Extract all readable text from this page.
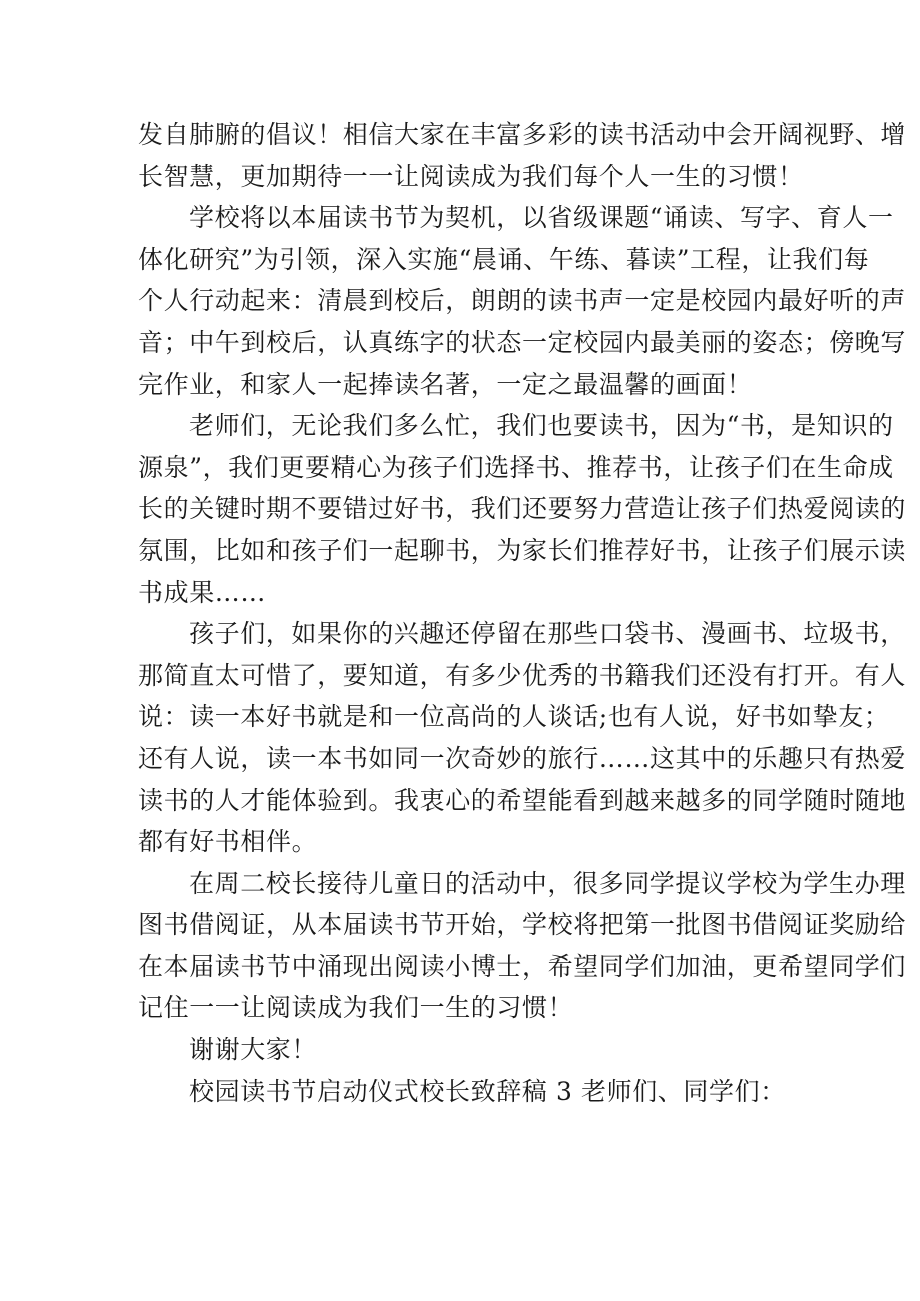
发自肺腑的倡议！相信大家在丰富多彩的读书活动中会开阔视野、增
长智慧，更加期待一一让阅读成为我们每个人一生的习惯！
学校将以本届读书节为契机，以省级课题“诵读、写字、育人一
体化研究”为引领，深入实施“晨诵、午练、暮读”工程，让我们每
个人行动起来：清晨到校后，朗朗的读书声一定是校园内最好听的声
音；中午到校后，认真练字的状态一定校园内最美丽的姿态；傍晚写
完作业，和家人一起捧读名著，一定之最温馨的画面！
老师们，无论我们多么忙，我们也要读书，因为“书，是知识的
源泉”，我们更要精心为孩子们选择书、推荐书，让孩子们在生命成
长的关键时期不要错过好书，我们还要努力营造让孩子们热爱阅读的
氛围，比如和孩子们一起聊书，为家长们推荐好书，让孩子们展示读
书成果……
孩子们，如果你的兴趣还停留在那些口袋书、漫画书、垃圾书，
那简直太可惜了，要知道，有多少优秀的书籍我们还没有打开。有人
说：读一本好书就是和一位高尚的人谈话;也有人说，好书如挚友；
还有人说，读一本书如同一次奇妙的旅行……这其中的乐趣只有热爱
读书的人才能体验到。我衷心的希望能看到越来越多的同学随时随地
都有好书相伴。
在周二校长接待儿童日的活动中，很多同学提议学校为学生办理
图书借阅证，从本届读书节开始，学校将把第一批图书借阅证奖励给
在本届读书节中涌现出阅读小博士，希望同学们加油，更希望同学们
记住一一让阅读成为我们一生的习惯！
谢谢大家！
校园读书节启动仪式校长致辞稿 3 老师们、同学们：
